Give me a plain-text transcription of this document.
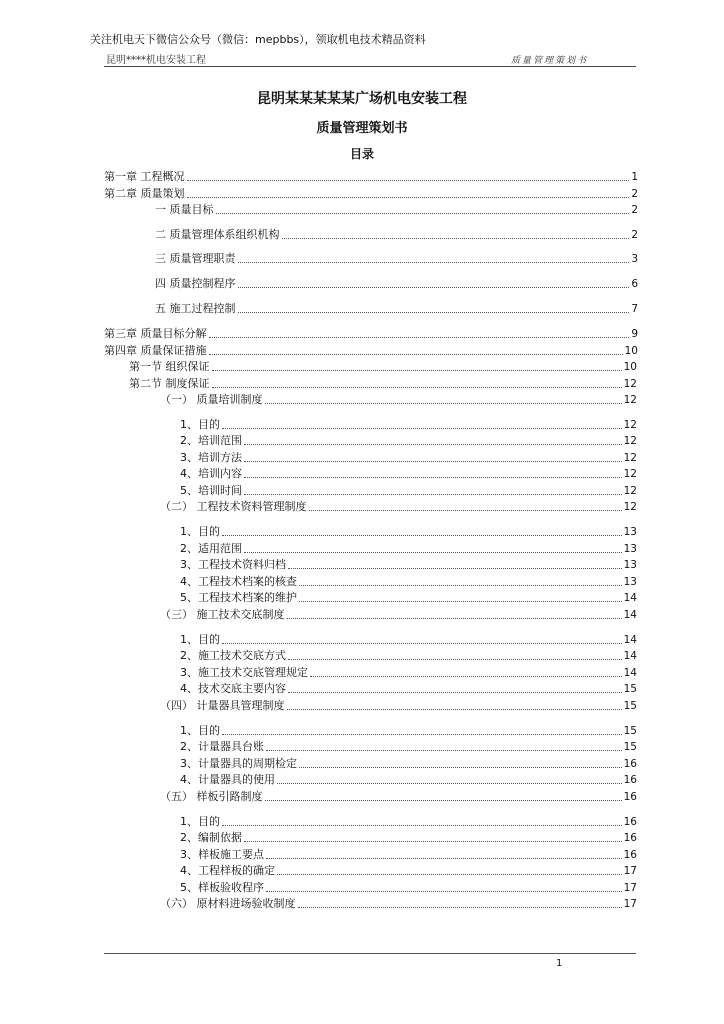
关注机电天下微信公众号（微信：mepbbs），领取机电技术精品资料
昆明****机电安装工程	质量管理策划书
昆明某某某某某广场机电安装工程
质量管理策划书
目录
第一章 工程概况	1
第二章 质量策划	2
一 质量目标	2
二 质量管理体系组织机构	2
三 质量管理职责	3
四 质量控制程序	6
五 施工过程控制	7
第三章 质量目标分解	9
第四章 质量保证措施	10
第一节 组织保证	10
第二节 制度保证	12
（一） 质量培训制度	12
1、目的	12
2、培训范围	12
3、培训方法	12
4、培训内容	12
5、培训时间	12
（二） 工程技术资料管理制度	12
1、目的	13
2、适用范围	13
3、工程技术资料归档	13
4、工程技术档案的核查	13
5、工程技术档案的维护	14
（三） 施工技术交底制度	14
1、目的	14
2、施工技术交底方式	14
3、施工技术交底管理规定	14
4、技术交底主要内容	15
（四） 计量器具管理制度	15
1、目的	15
2、计量器具台账	15
3、计量器具的周期检定	16
4、计量器具的使用	16
（五） 样板引路制度	16
1、目的	16
2、编制依据	16
3、样板施工要点	16
4、工程样板的确定	17
5、样板验收程序	17
（六） 原材料进场验收制度	17
1
